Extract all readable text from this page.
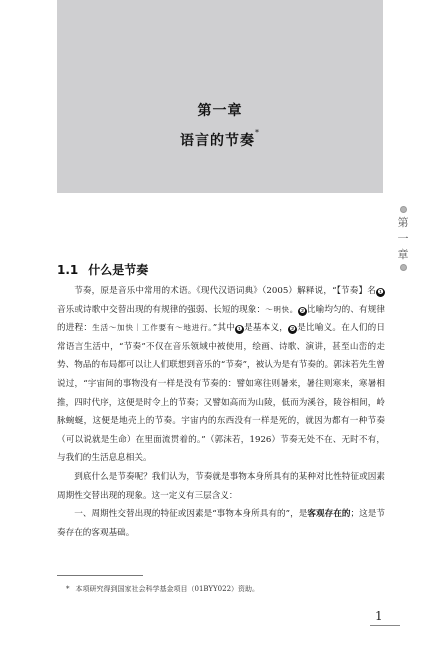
第一章
语言的节奏*
第
一
章
1.1 什么是节奏

节奏，原是音乐中常用的术语。《现代汉语词典》（2005）解释说，“【节奏】名❶音乐或诗歌中交替出现的有规律的强弱、长短的现象：～明快。❷比喻均匀的、有规律的进程：生活～加快｜工作要有～地进行。”其中❶是基本义，❷是比喻义。在人们的日常语言生活中，“节奏”不仅在音乐领域中被使用，绘画、诗歌、演讲，甚至山峦的走势、物品的布局都可以让人们联想到音乐的“节奏”，被认为是有节奏的。郭沫若先生曾说过，“宇宙间的事物没有一样是没有节奏的：譬如寒往则暑来，暑往则寒来，寒暑相推，四时代序，这便是时令上的节奏；又譬如高而为山陵，低而为溪谷，陵谷相间，岭脉蜿蜒，这便是地壳上的节奏。宇宙内的东西没有一样是死的，就因为都有一种节奏（可以说就是生命）在里面流贯着的。”（郭沫若，1926）节奏无处不在、无时不有，与我们的生活息息相关。

到底什么是节奏呢？我们认为，节奏就是事物本身所具有的某种对比性特征或因素周期性交替出现的现象。这一定义有三层含义：

一、周期性交替出现的特征或因素是“事物本身所具有的”，是客观存在的；这是节奏存在的客观基础。

* 本项研究得到国家社会科学基金项目（01BYY022）资助。
1
